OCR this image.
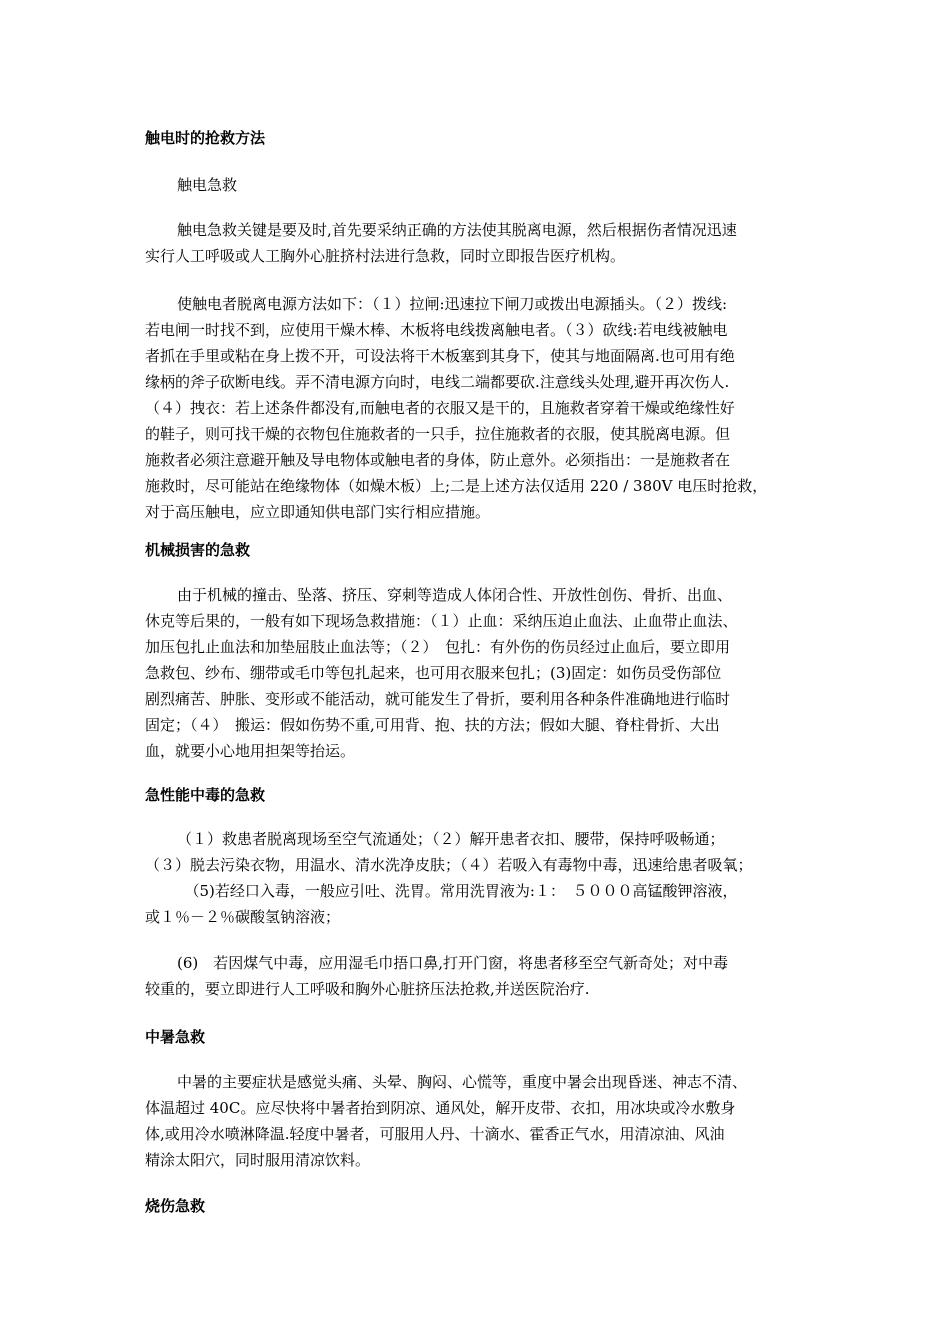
触电时的抢救方法
触电急救
触电急救关键是要及时,首先要采纳正确的方法使其脱离电源，然后根据伤者情况迅速
实行人工呼吸或人工胸外心脏挤村法进行急救，同时立即报告医疗机构。
使触电者脱离电源方法如下：（１）拉闸:迅速拉下闸刀或拨出电源插头。（２）拨线:
若电闸一时找不到，应使用干燥木棒、木板将电线拨离触电者。（３）砍线:若电线被触电
者抓在手里或粘在身上拨不开，可设法将干木板塞到其身下，使其与地面隔离.也可用有绝
缘柄的斧子砍断电线。弄不清电源方向时，电线二端都要砍.注意线头处理,避开再次伤人.
（４）拽衣：若上述条件都没有,而触电者的衣服又是干的，且施救者穿着干燥或绝缘性好
的鞋子，则可找干燥的衣物包住施救者的一只手，拉住施救者的衣服，使其脱离电源。但
施救者必须注意避开触及导电物体或触电者的身体，防止意外。必须指出：一是施救者在
施救时，尽可能站在绝缘物体（如燥木板）上;二是上述方法仅适用 220 / 380V 电压时抢救，
对于高压触电，应立即通知供电部门实行相应措施。
机械损害的急救
由于机械的撞击、坠落、挤压、穿刺等造成人体闭合性、开放性创伤、骨折、出血、
休克等后果的，一般有如下现场急救措施：（１）止血：采纳压迫止血法、止血带止血法、
加压包扎止血法和加垫屈肢止血法等；（２）　包扎：有外伤的伤员经过止血后，要立即用
急救包、纱布、绷带或毛巾等包扎起来，也可用衣服来包扎；(3)固定：如伤员受伤部位
剧烈痛苦、肿胀、变形或不能活动，就可能发生了骨折，要利用各种条件准确地进行临时
固定；（４）　搬运：假如伤势不重,可用背、抱、扶的方法；假如大腿、脊柱骨折、大出
血，就要小心地用担架等抬运。
急性能中毒的急救
（１）救患者脱离现场至空气流通处；（２）解开患者衣扣、腰带，保持呼吸畅通；
（３）脱去污染衣物，用温水、清水洗净皮肤；（４）若吸入有毒物中毒，迅速给患者吸氧；
　（5)若经口入毒，一般应引吐、洗胃。常用洗胃液为:１：　５０００高锰酸钾溶液，
或１％－２％碳酸氢钠溶液；
(6)　若因煤气中毒，应用湿毛巾捂口鼻,打开门窗，将患者移至空气新奇处；对中毒
较重的，要立即进行人工呼吸和胸外心脏挤压法抢救,并送医院治疗.
中暑急救
中暑的主要症状是感觉头痛、头晕、胸闷、心慌等，重度中暑会出现昏迷、神志不清、
体温超过 40C。应尽快将中暑者抬到阴凉、通风处，解开皮带、衣扣，用冰块或冷水敷身
体,或用冷水喷淋降温.轻度中暑者，可服用人丹、十滴水、霍香正气水，用清凉油、风油
精涂太阳穴，同时服用清凉饮料。
烧伤急救
